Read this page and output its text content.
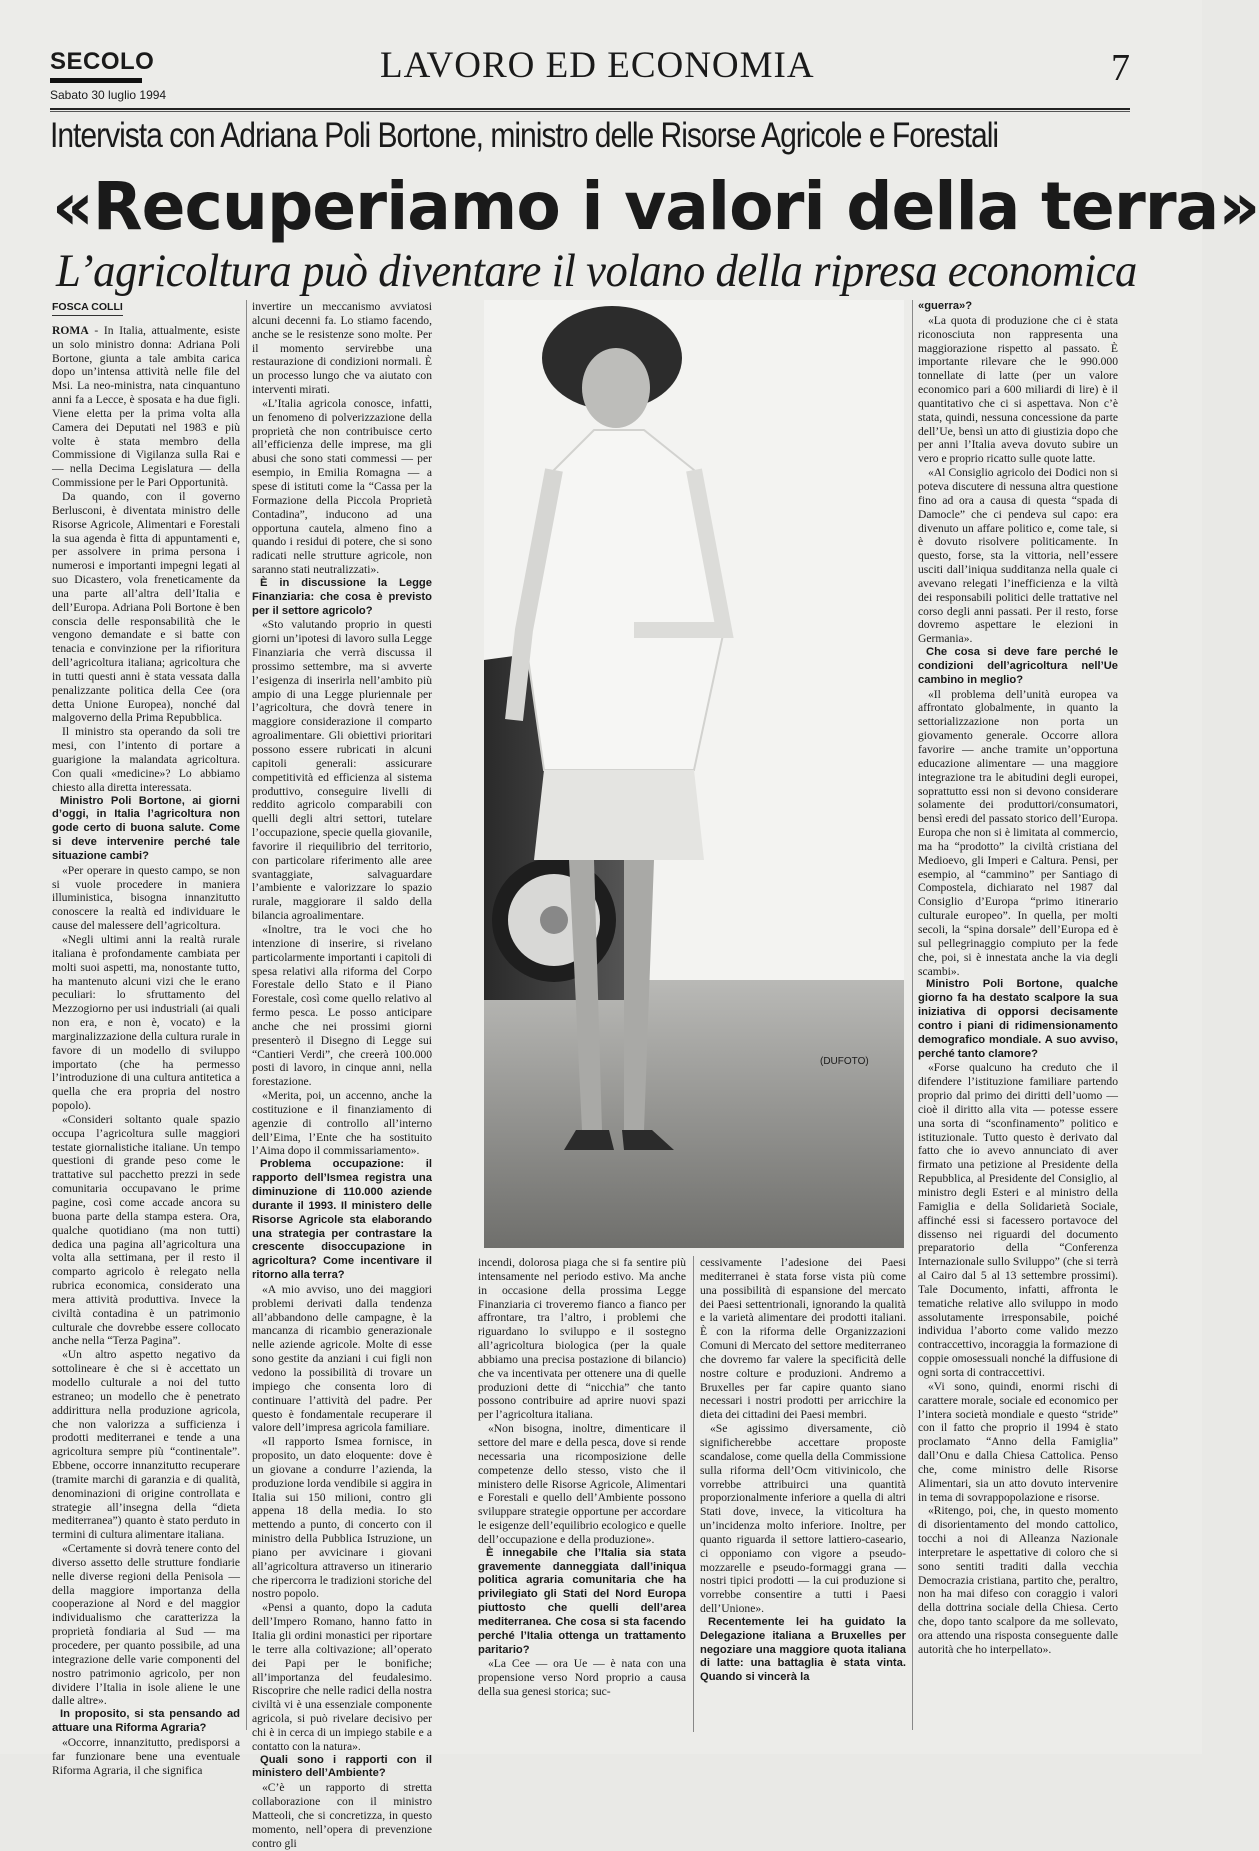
SECOLO
Sabato 30 luglio 1994
LAVORO ED ECONOMIA	7
Intervista con Adriana Poli Bortone, ministro delle Risorse Agricole e Forestali
«Recuperiamo i valori della terra»
L’agricoltura può diventare il volano della ripresa economica
FOSCA COLLI

ROMA - In Italia, attualmente, esiste un solo ministro donna: Adriana Poli Bortone, giunta a tale ambita carica dopo un’intensa attività nelle file del Msi. La neo-ministra, nata cinquantuno anni fa a Lecce, è sposata e ha due figli. Viene eletta per la prima volta alla Camera dei Deputati nel 1983 e più volte è stata membro della Commissione di Vigilanza sulla Rai e — nella Decima Legislatura — della Commissione per le Pari Opportunità.

Da quando, con il governo Berlusconi, è diventata ministro delle Risorse Agricole, Alimentari e Forestali la sua agenda è fitta di appuntamenti e, per assolvere in prima persona i numerosi e importanti impegni legati al suo Dicastero, vola freneticamente da una parte all’altra dell’Italia e dell’Europa. Adriana Poli Bortone è ben conscia delle responsabilità che le vengono demandate e si batte con tenacia e convinzione per la rifioritura dell’agricoltura italiana; agricoltura che in tutti questi anni è stata vessata dalla penalizzante politica della Cee (ora detta Unione Europea), nonché dal malgoverno della Prima Repubblica.

Il ministro sta operando da soli tre mesi, con l’intento di portare a guarigione la malandata agricoltura. Con quali «medicine»? Lo abbiamo chiesto alla diretta interessata.

Ministro Poli Bortone, ai giorni d’oggi, in Italia l’agricoltura non gode certo di buona salute. Come si deve intervenire perché tale situazione cambi?

«Per operare in questo campo, se non si vuole procedere in maniera illuministica, bisogna innanzitutto conoscere la realtà ed individuare le cause del malessere dell’agricoltura.

«Negli ultimi anni la realtà rurale italiana è profondamente cambiata per molti suoi aspetti, ma, nonostante tutto, ha mantenuto alcuni vizi che le erano peculiari: lo sfruttamento del Mezzogiorno per usi industriali (ai quali non era, e non è, vocato) e la marginalizzazione della cultura rurale in favore di un modello di sviluppo importato (che ha permesso l’introduzione di una cultura antitetica a quella che era propria del nostro popolo).

«Consideri soltanto quale spazio occupa l’agricoltura sulle maggiori testate giornalistiche italiane. Un tempo questioni di grande peso come le trattative sul pacchetto prezzi in sede comunitaria occupavano le prime pagine, così come accade ancora su buona parte della stampa estera. Ora, qualche quotidiano (ma non tutti) dedica una pagina all’agricoltura una volta alla settimana, per il resto il comparto agricolo è relegato nella rubrica economica, considerato una mera attività produttiva. Invece la civiltà contadina è un patrimonio culturale che dovrebbe essere collocato anche nella “Terza Pagina”.

«Un altro aspetto negativo da sottolineare è che si è accettato un modello culturale a noi del tutto estraneo; un modello che è penetrato addirittura nella produzione agricola, che non valorizza a sufficienza i prodotti mediterranei e tende a una agricoltura sempre più “continentale”. Ebbene, occorre innanzitutto recuperare (tramite marchi di garanzia e di qualità, denominazioni di origine controllata e strategie all’insegna della “dieta mediterranea”) quanto è stato perduto in termini di cultura alimentare italiana.

«Certamente si dovrà tenere conto del diverso assetto delle strutture fondiarie nelle diverse regioni della Penisola — della maggiore importanza della cooperazione al Nord e del maggior individualismo che caratterizza la proprietà fondiaria al Sud — ma procedere, per quanto possibile, ad una integrazione delle varie componenti del nostro patrimonio agricolo, per non dividere l’Italia in isole aliene le une dalle altre».

In proposito, si sta pensando ad attuare una Riforma Agraria?

«Occorre, innanzitutto, predisporsi a far funzionare bene una eventuale Riforma Agraria, il che significa

invertire un meccanismo avviatosi alcuni decenni fa. Lo stiamo facendo, anche se le resistenze sono molte. Per il momento servirebbe una restaurazione di condizioni normali. È un processo lungo che va aiutato con interventi mirati.

«L’Italia agricola conosce, infatti, un fenomeno di polverizzazione della proprietà che non contribuisce certo all’efficienza delle imprese, ma gli abusi che sono stati commessi — per esempio, in Emilia Romagna — a spese di istituti come la “Cassa per la Formazione della Piccola Proprietà Contadina”, inducono ad una opportuna cautela, almeno fino a quando i residui di potere, che si sono radicati nelle strutture agricole, non saranno stati neutralizzati».

È in discussione la Legge Finanziaria: che cosa è previsto per il settore agricolo?

«Sto valutando proprio in questi giorni un’ipotesi di lavoro sulla Legge Finanziaria che verrà discussa il prossimo settembre, ma si avverte l’esigenza di inserirla nell’ambito più ampio di una Legge pluriennale per l’agricoltura, che dovrà tenere in maggiore considerazione il comparto agroalimentare. Gli obiettivi prioritari possono essere rubricati in alcuni capitoli generali: assicurare competitività ed efficienza al sistema produttivo, conseguire livelli di reddito agricolo comparabili con quelli degli altri settori, tutelare l’occupazione, specie quella giovanile, favorire il riequilibrio del territorio, con particolare riferimento alle aree svantaggiate, salvaguardare l’ambiente e valorizzare lo spazio rurale, maggiorare il saldo della bilancia agroalimentare.

«Inoltre, tra le voci che ho intenzione di inserire, si rivelano particolarmente importanti i capitoli di spesa relativi alla riforma del Corpo Forestale dello Stato e il Piano Forestale, così come quello relativo al fermo pesca. Le posso anticipare anche che nei prossimi giorni presenterò il Disegno di Legge sui “Cantieri Verdi”, che creerà 100.000 posti di lavoro, in cinque anni, nella forestazione.

«Merita, poi, un accenno, anche la costituzione e il finanziamento di agenzie di controllo all’interno dell’Eima, l’Ente che ha sostituito l’Aima dopo il commissariamento».

Problema occupazione: il rapporto dell’Ismea registra una diminuzione di 110.000 aziende durante il 1993. Il ministero delle Risorse Agricole sta elaborando una strategia per contrastare la crescente disoccupazione in agricoltura? Come incentivare il ritorno alla terra?

«A mio avviso, uno dei maggiori problemi derivati dalla tendenza all’abbandono delle campagne, è la mancanza di ricambio generazionale nelle aziende agricole. Molte di esse sono gestite da anziani i cui figli non vedono la possibilità di trovare un impiego che consenta loro di continuare l’attività del padre. Per questo è fondamentale recuperare il valore dell’impresa agricola familiare.

«Il rapporto Ismea fornisce, in proposito, un dato eloquente: dove è un giovane a condurre l’azienda, la produzione lorda vendibile si aggira in Italia sui 150 milioni, contro gli appena 18 della media. Io sto mettendo a punto, di concerto con il ministro della Pubblica Istruzione, un piano per avvicinare i giovani all’agricoltura attraverso un itinerario che ripercorra le tradizioni storiche del nostro popolo.

«Pensi a quanto, dopo la caduta dell’Impero Romano, hanno fatto in Italia gli ordini monastici per riportare le terre alla coltivazione; all’operato dei Papi per le bonifiche; all’importanza del feudalesimo. Riscoprire che nelle radici della nostra civiltà vi è una essenziale componente agricola, si può rivelare decisivo per chi è in cerca di un impiego stabile e a contatto con la natura».

Quali sono i rapporti con il ministero dell’Ambiente?

«C’è un rapporto di stretta collaborazione con il ministro Matteoli, che si concretizza, in questo momento, nell’opera di prevenzione contro gli

(DUFOTO)

incendi, dolorosa piaga che si fa sentire più intensamente nel periodo estivo. Ma anche in occasione della prossima Legge Finanziaria ci troveremo fianco a fianco per affrontare, tra l’altro, i problemi che riguardano lo sviluppo e il sostegno all’agricoltura biologica (per la quale abbiamo una precisa postazione di bilancio) che va incentivata per ottenere una di quelle produzioni dette di “nicchia” che tanto possono contribuire ad aprire nuovi spazi per l’agricoltura italiana.

«Non bisogna, inoltre, dimenticare il settore del mare e della pesca, dove si rende necessaria una ricomposizione delle competenze dello stesso, visto che il ministero delle Risorse Agricole, Alimentari e Forestali e quello dell’Ambiente possono sviluppare strategie opportune per accordare le esigenze dell’equilibrio ecologico e quelle dell’occupazione e della produzione».

È innegabile che l’Italia sia stata gravemente danneggiata dall’iniqua politica agraria comunitaria che ha privilegiato gli Stati del Nord Europa piuttosto che quelli dell’area mediterranea. Che cosa si sta facendo perché l’Italia ottenga un trattamento paritario?

«La Cee — ora Ue — è nata con una propensione verso Nord proprio a causa della sua genesi storica; suc-

cessivamente l’adesione dei Paesi mediterranei è stata forse vista più come una possibilità di espansione del mercato dei Paesi settentrionali, ignorando la qualità e la varietà alimentare dei prodotti italiani. È con la riforma delle Organizzazioni Comuni di Mercato del settore mediterraneo che dovremo far valere la specificità delle nostre colture e produzioni. Andremo a Bruxelles per far capire quanto siano necessari i nostri prodotti per arricchire la dieta dei cittadini dei Paesi membri.

«Se agissimo diversamente, ciò significherebbe accettare proposte scandalose, come quella della Commissione sulla riforma dell’Ocm vitivinicolo, che vorrebbe attribuirci una quantità proporzionalmente inferiore a quella di altri Stati dove, invece, la viticoltura ha un’incidenza molto inferiore. Inoltre, per quanto riguarda il settore lattiero-caseario, ci opponiamo con vigore a pseudo-mozzarelle e pseudo-formaggi grana — nostri tipici prodotti — la cui produzione si vorrebbe consentire a tutti i Paesi dell’Unione».

Recentemente lei ha guidato la Delegazione italiana a Bruxelles per negoziare una maggiore quota italiana di latte: una battaglia è stata vinta. Quando si vincerà la

«guerra»?

«La quota di produzione che ci è stata riconosciuta non rappresenta una maggiorazione rispetto al passato. È importante rilevare che le 990.000 tonnellate di latte (per un valore economico pari a 600 miliardi di lire) è il quantitativo che ci si aspettava. Non c’è stata, quindi, nessuna concessione da parte dell’Ue, bensì un atto di giustizia dopo che per anni l’Italia aveva dovuto subire un vero e proprio ricatto sulle quote latte.

«Al Consiglio agricolo dei Dodici non si poteva discutere di nessuna altra questione fino ad ora a causa di questa “spada di Damocle” che ci pendeva sul capo: era divenuto un affare politico e, come tale, si è dovuto risolvere politicamente. In questo, forse, sta la vittoria, nell’essere usciti dall’iniqua sudditanza nella quale ci avevano relegati l’inefficienza e la viltà dei responsabili politici delle trattative nel corso degli anni passati. Per il resto, forse dovremo aspettare le elezioni in Germania».

Che cosa si deve fare perché le condizioni dell’agricoltura nell’Ue cambino in meglio?

«Il problema dell’unità europea va affrontato globalmente, in quanto la settorializzazione non porta un giovamento generale. Occorre allora favorire — anche tramite un’opportuna educazione alimentare — una maggiore integrazione tra le abitudini degli europei, soprattutto essi non si devono considerare solamente dei produttori/consumatori, bensì eredi del passato storico dell’Europa. Europa che non si è limitata al commercio, ma ha “prodotto” la civiltà cristiana del Medioevo, gli Imperi e Caltura. Pensi, per esempio, al “cammino” per Santiago di Compostela, dichiarato nel 1987 dal Consiglio d’Europa “primo itinerario culturale europeo”. In quella, per molti secoli, la “spina dorsale” dell’Europa ed è sul pellegrinaggio compiuto per la fede che, poi, si è innestata anche la via degli scambi».

Ministro Poli Bortone, qualche giorno fa ha destato scalpore la sua iniziativa di opporsi decisamente contro i piani di ridimensionamento demografico mondiale. A suo avviso, perché tanto clamore?

«Forse qualcuno ha creduto che il difendere l’istituzione familiare partendo proprio dal primo dei diritti dell’uomo — cioè il diritto alla vita — potesse essere una sorta di “sconfinamento” politico e istituzionale. Tutto questo è derivato dal fatto che io avevo annunciato di aver firmato una petizione al Presidente della Repubblica, al Presidente del Consiglio, al ministro degli Esteri e al ministro della Famiglia e della Solidarietà Sociale, affinché essi si facessero portavoce del dissenso nei riguardi del documento preparatorio della “Conferenza Internazionale sullo Sviluppo” (che si terrà al Cairo dal 5 al 13 settembre prossimi). Tale Documento, infatti, affronta le tematiche relative allo sviluppo in modo assolutamente irresponsabile, poiché individua l’aborto come valido mezzo contraccettivo, incoraggia la formazione di coppie omosessuali nonché la diffusione di ogni sorta di contraccettivi.

«Vi sono, quindi, enormi rischi di carattere morale, sociale ed economico per l’intera società mondiale e questo “stride” con il fatto che proprio il 1994 è stato proclamato “Anno della Famiglia” dall’Onu e dalla Chiesa Cattolica. Penso che, come ministro delle Risorse Alimentari, sia un atto dovuto intervenire in tema di sovrappopolazione e risorse.

«Ritengo, poi, che, in questo momento di disorientamento del mondo cattolico, tocchi a noi di Alleanza Nazionale interpretare le aspettative di coloro che si sono sentiti traditi dalla vecchia Democrazia cristiana, partito che, peraltro, non ha mai difeso con coraggio i valori della dottrina sociale della Chiesa. Certo che, dopo tanto scalpore da me sollevato, ora attendo una risposta conseguente dalle autorità che ho interpellato».
